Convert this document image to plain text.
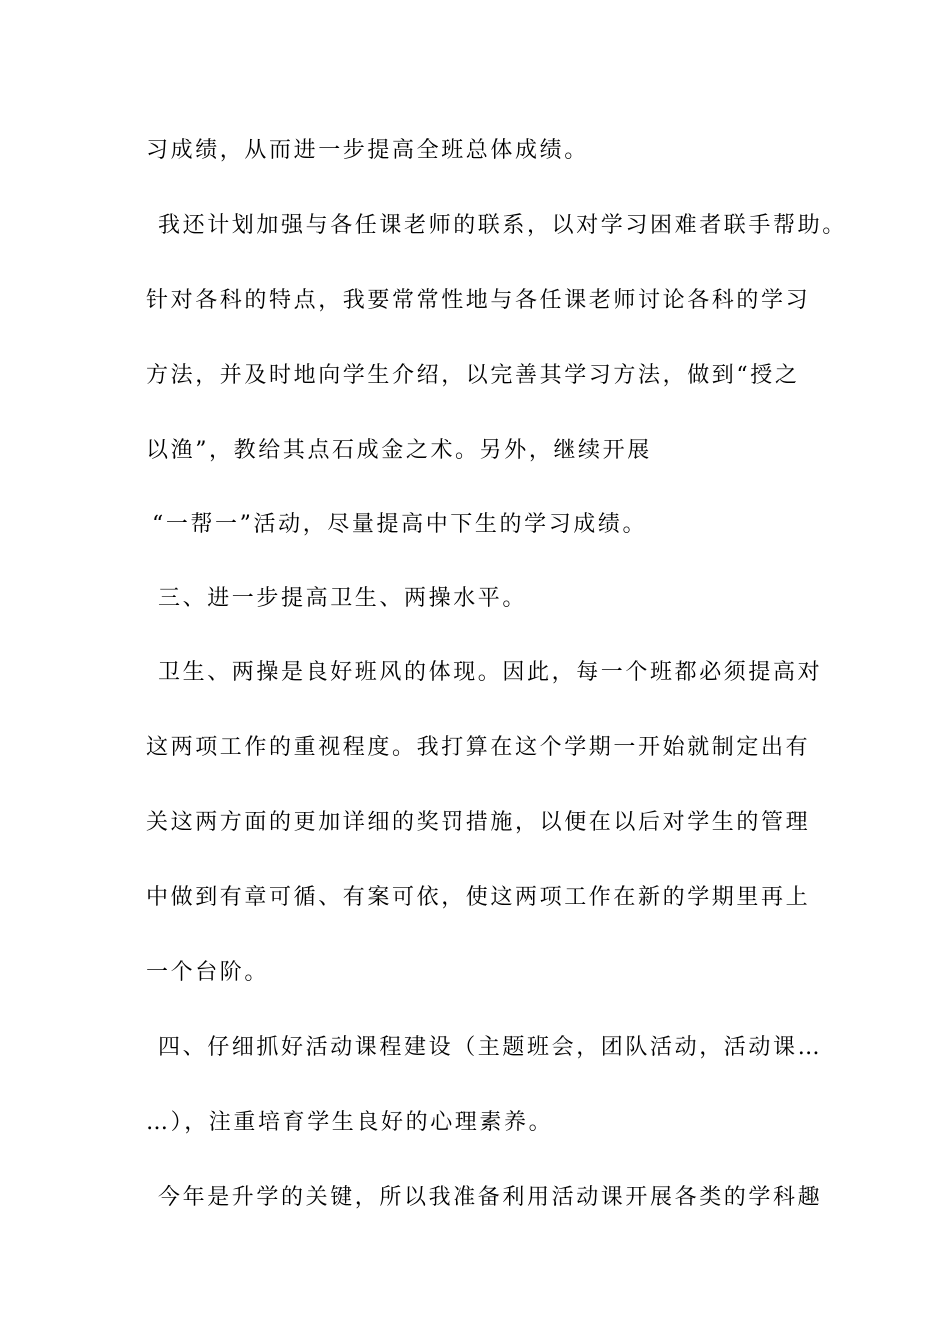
习成绩，从而进一步提高全班总体成绩。
我还计划加强与各任课老师的联系，以对学习困难者联手帮助。
针对各科的特点，我要常常性地与各任课老师讨论各科的学习
方法，并及时地向学生介绍，以完善其学习方法，做到“授之
以渔”，教给其点石成金之术。另外，继续开展
“一帮一”活动，尽量提高中下生的学习成绩。
三、进一步提高卫生、两操水平。
卫生、两操是良好班风的体现。因此，每一个班都必须提高对
这两项工作的重视程度。我打算在这个学期一开始就制定出有
关这两方面的更加详细的奖罚措施，以便在以后对学生的管理
中做到有章可循、有案可依，使这两项工作在新的学期里再上
一个台阶。
四、仔细抓好活动课程建设（主题班会，团队活动，活动课…
…），注重培育学生良好的心理素养。
今年是升学的关键，所以我准备利用活动课开展各类的学科趣
